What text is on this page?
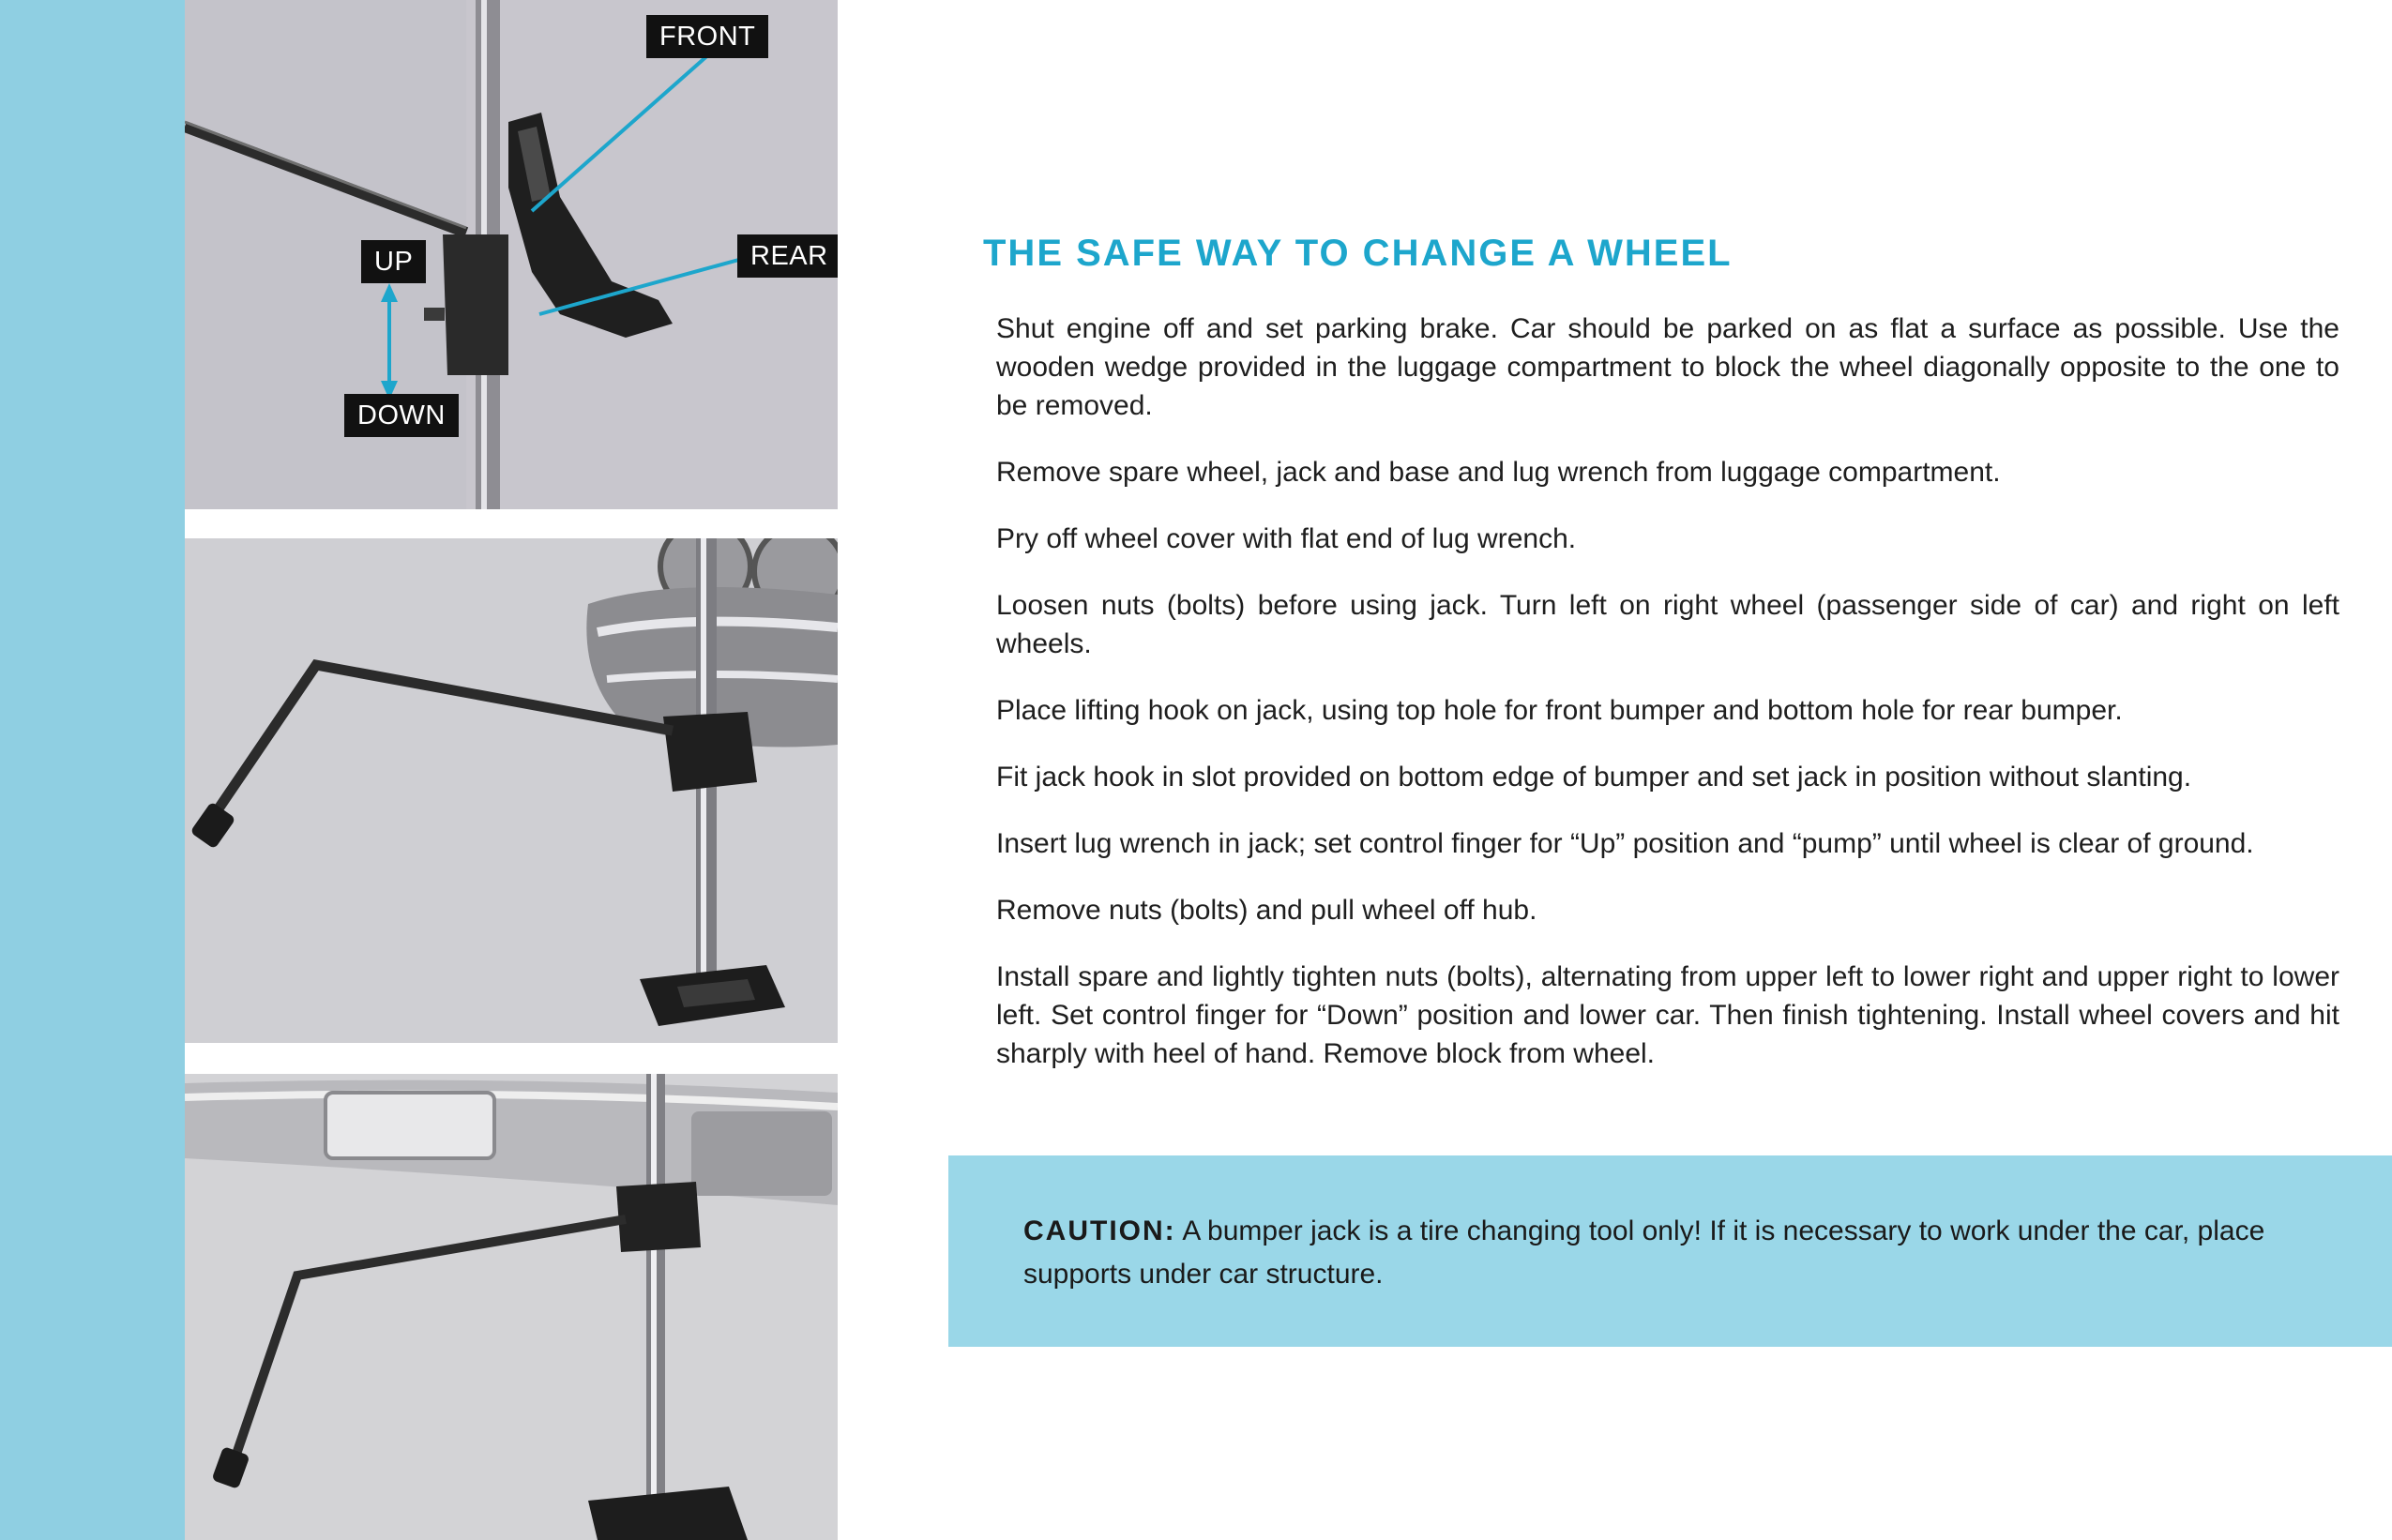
FRONT
REAR
UP
DOWN
THE SAFE WAY TO CHANGE A WHEEL
Shut engine off and set parking brake. Car should be parked on as flat a surface as possible. Use the wooden wedge provided in the luggage compartment to block the wheel diagonally opposite to the one to be removed.
Remove spare wheel, jack and base and lug wrench from luggage compartment.
Pry off wheel cover with flat end of lug wrench.
Loosen nuts (bolts) before using jack. Turn left on right wheel (passenger side of car) and right on left wheels.
Place lifting hook on jack, using top hole for front bumper and bottom hole for rear bumper.
Fit jack hook in slot provided on bottom edge of bumper and set jack in position without slanting.
Insert lug wrench in jack; set control finger for “Up” position and “pump” until wheel is clear of ground.
Remove nuts (bolts) and pull wheel off hub.
Install spare and lightly tighten nuts (bolts), alternating from upper left to lower right and upper right to lower left. Set control finger for “Down” position and lower car. Then finish tightening. Install wheel covers and hit sharply with heel of hand. Remove block from wheel.

CAUTION: A bumper jack is a tire changing tool only! If it is necessary to work under the car, place supports under car structure.
